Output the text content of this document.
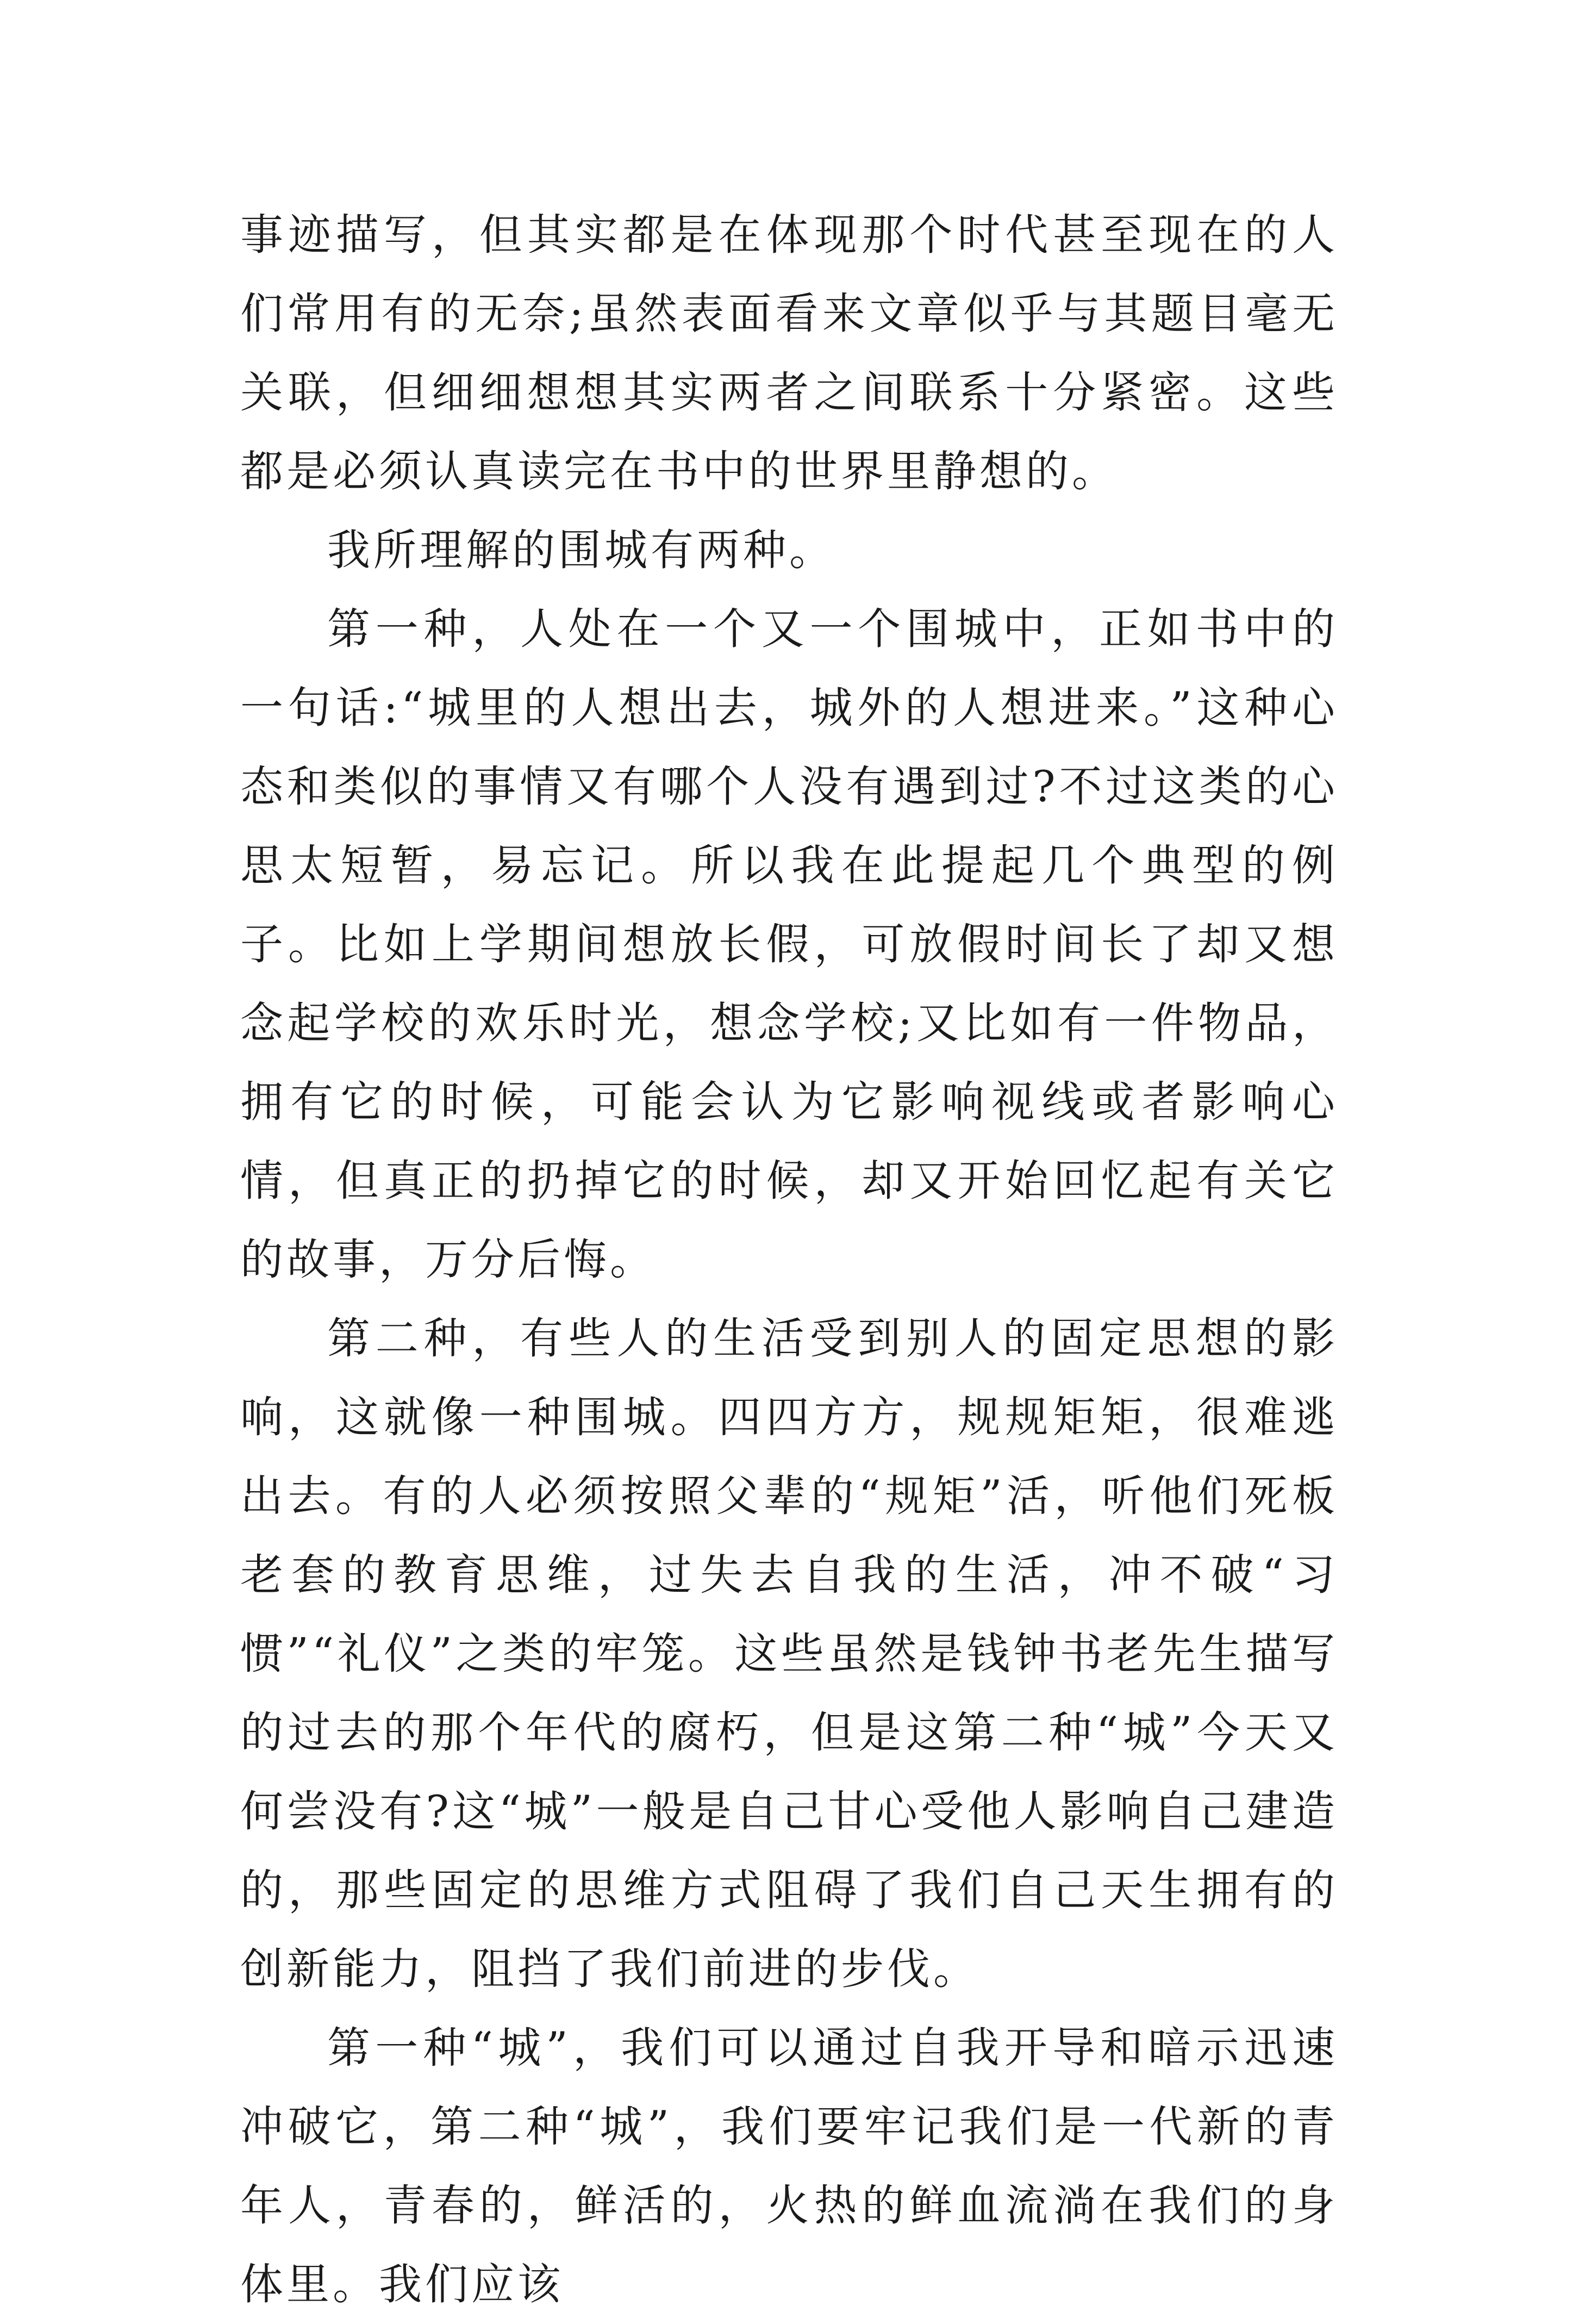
事迹描写，但其实都是在体现那个时代甚至现在的人们常用有的无奈;虽然表面看来文章似乎与其题目毫无关联，但细细想想其实两者之间联系十分紧密。这些都是必须认真读完在书中的世界里静想的。

我所理解的围城有两种。

第一种，人处在一个又一个围城中，正如书中的一句话:“城里的人想出去，城外的人想进来。”这种心态和类似的事情又有哪个人没有遇到过?不过这类的心思太短暂，易忘记。所以我在此提起几个典型的例子。比如上学期间想放长假，可放假时间长了却又想念起学校的欢乐时光，想念学校;又比如有一件物品，拥有它的时候，可能会认为它影响视线或者影响心情，但真正的扔掉它的时候，却又开始回忆起有关它的故事，万分后悔。

第二种，有些人的生活受到别人的固定思想的影响，这就像一种围城。四四方方，规规矩矩，很难逃出去。有的人必须按照父辈的“规矩”活，听他们死板老套的教育思维，过失去自我的生活，冲不破“习惯”“礼仪”之类的牢笼。这些虽然是钱钟书老先生描写的过去的那个年代的腐朽，但是这第二种“城”今天又何尝没有?这“城”一般是自己甘心受他人影响自己建造的，那些固定的思维方式阻碍了我们自己天生拥有的创新能力，阻挡了我们前进的步伐。

第一种“城”，我们可以通过自我开导和暗示迅速冲破它，第二种“城”，我们要牢记我们是一代新的青年人，青春的，鲜活的，火热的鲜血流淌在我们的身体里。我们应该
